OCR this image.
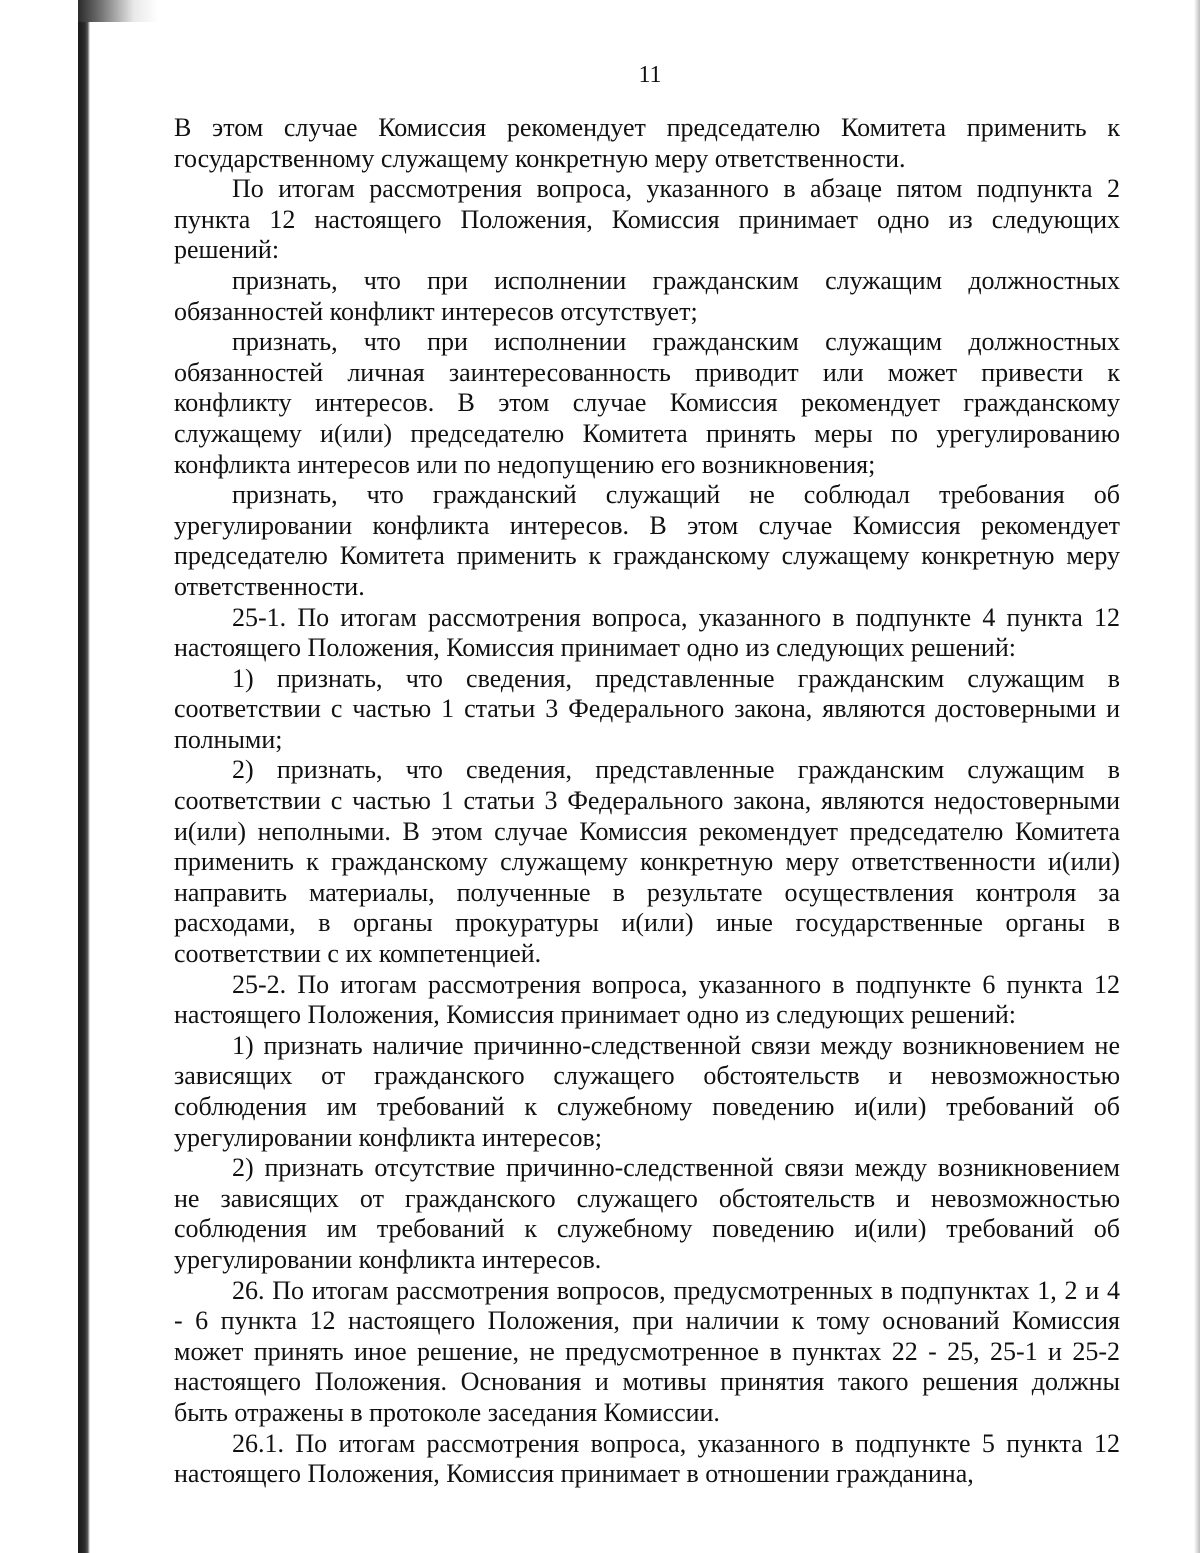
11

В этом случае Комиссия рекомендует председателю Комитета применить к государственному служащему конкретную меру ответственности.

По итогам рассмотрения вопроса, указанного в абзаце пятом подпункта 2 пункта 12 настоящего Положения, Комиссия принимает одно из следующих решений:

признать, что при исполнении гражданским служащим должностных обязанностей конфликт интересов отсутствует;

признать, что при исполнении гражданским служащим должностных обязанностей личная заинтересованность приводит или может привести к конфликту интересов. В этом случае Комиссия рекомендует гражданскому служащему и(или) председателю Комитета принять меры по урегулированию конфликта интересов или по недопущению его возникновения;

признать, что гражданский служащий не соблюдал требования об урегулировании конфликта интересов. В этом случае Комиссия рекомендует председателю Комитета применить к гражданскому служащему конкретную меру ответственности.

25-1. По итогам рассмотрения вопроса, указанного в подпункте 4 пункта 12 настоящего Положения, Комиссия принимает одно из следующих решений:

1) признать, что сведения, представленные гражданским служащим в соответствии с частью 1 статьи 3 Федерального закона, являются достоверными и полными;

2) признать, что сведения, представленные гражданским служащим в соответствии с частью 1 статьи 3 Федерального закона, являются недостоверными и(или) неполными. В этом случае Комиссия рекомендует председателю Комитета применить к гражданскому служащему конкретную меру ответственности и(или) направить материалы, полученные в результате осуществления контроля за расходами, в органы прокуратуры и(или) иные государственные органы в соответствии с их компетенцией.

25-2. По итогам рассмотрения вопроса, указанного в подпункте 6 пункта 12 настоящего Положения, Комиссия принимает одно из следующих решений:

1) признать наличие причинно-следственной связи между возникновением не зависящих от гражданского служащего обстоятельств и невозможностью соблюдения им требований к служебному поведению и(или) требований об урегулировании конфликта интересов;

2) признать отсутствие причинно-следственной связи между возникновением не зависящих от гражданского служащего обстоятельств и невозможностью соблюдения им требований к служебному поведению и(или) требований об урегулировании конфликта интересов.

26. По итогам рассмотрения вопросов, предусмотренных в подпунктах 1, 2 и 4 - 6 пункта 12 настоящего Положения, при наличии к тому оснований Комиссия может принять иное решение, не предусмотренное в пунктах 22 - 25, 25-1 и 25-2 настоящего Положения. Основания и мотивы принятия такого решения должны быть отражены в протоколе заседания Комиссии.

26.1. По итогам рассмотрения вопроса, указанного в подпункте 5 пункта 12 настоящего Положения, Комиссия принимает в отношении гражданина,
